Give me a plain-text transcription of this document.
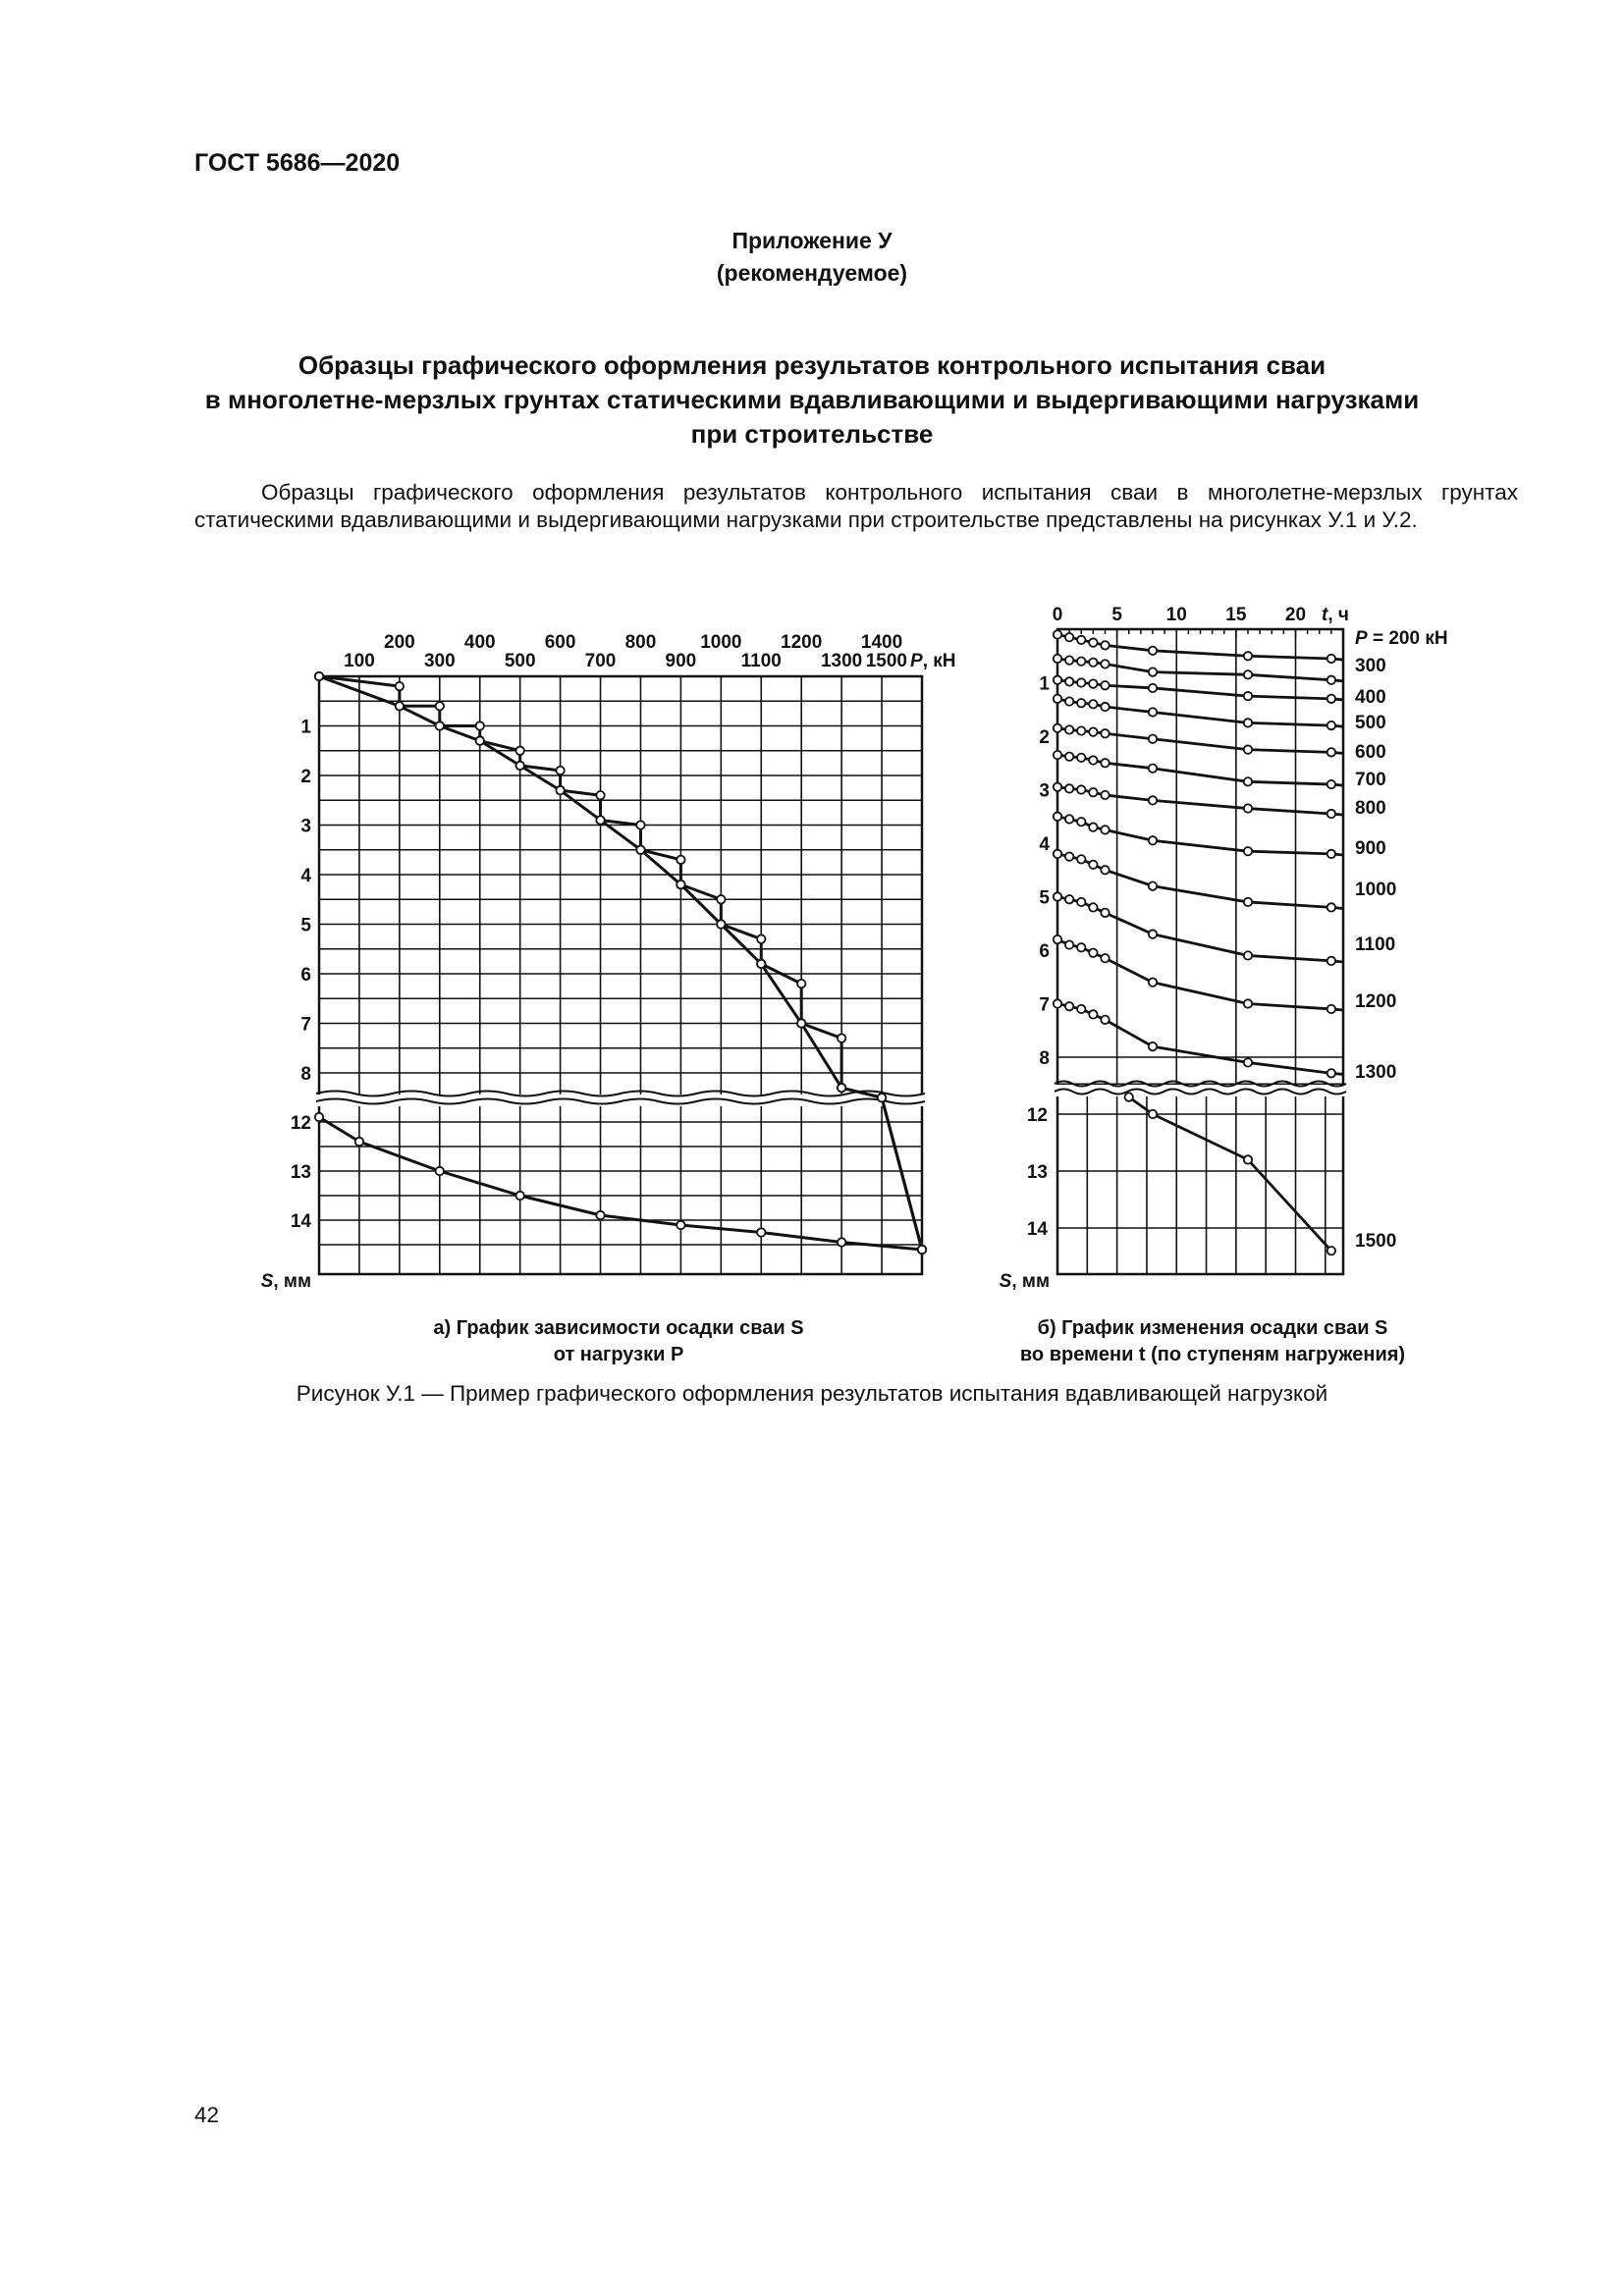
ГОСТ 5686—2020
Приложение У
(рекомендуемое)
Образцы графического оформления результатов контрольного испытания сваи
в многолетне-мерзлых грунтах статическими вдавливающими и выдергивающими нагрузками
при строительстве
Образцы графического оформления результатов контрольного испытания сваи в многолетне-мерзлых грунтах статическими вдавливающими и выдергивающими нагрузками при строительстве представлены на рисунках У.1 и У.2.
200	400	600	800 1000 1200 1400
100	300	500	700	900 1100 1300 1500 P, кН
1
2
3
4
5
6
7
8
12
13
14
S, мм
0	5 10 15 20 t, ч
1
2
3
4
5
6
7
8
12
13
14
S, мм
P = 200 кН
300
400
500
600
700
800
900
1000
1100
1200
1300
1500
а) График зависимости осадки сваи S
от нагрузки P
б) График изменения осадки сваи S
во времени t (по ступеням нагружения)
Рисунок У.1 — Пример графического оформления результатов испытания вдавливающей нагрузкой
42
